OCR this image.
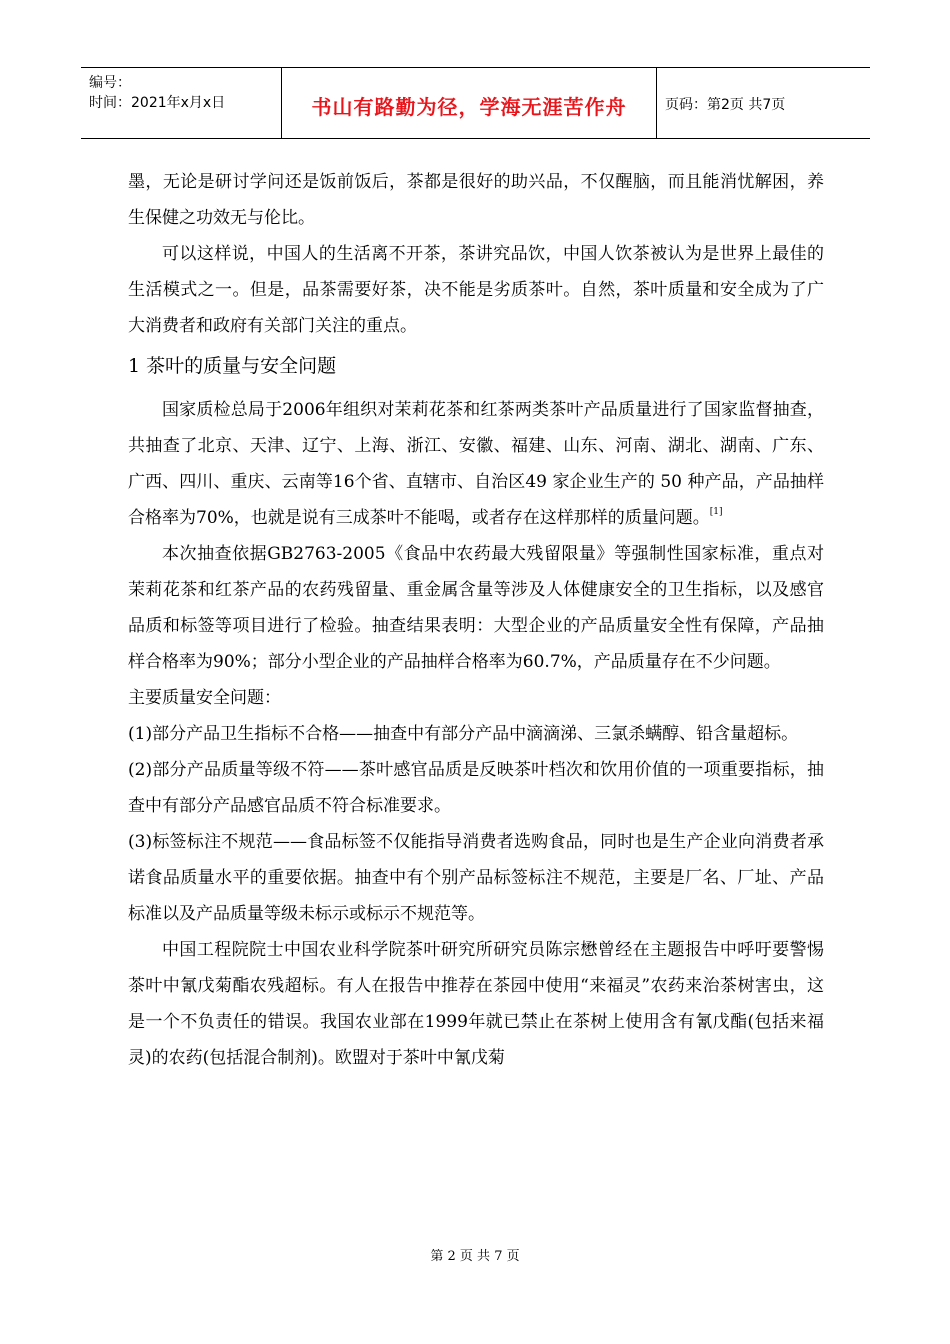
编号：
时间：2021年x月x日	书山有路勤为径，学海无涯苦作舟	页码：第2页 共7页

墨，无论是研讨学问还是饭前饭后，茶都是很好的助兴品，不仅醒脑，而且能消忧解困，养生保健之功效无与伦比。

可以这样说，中国人的生活离不开茶，茶讲究品饮，中国人饮茶被认为是世界上最佳的生活模式之一。但是，品茶需要好茶，决不能是劣质茶叶。自然，茶叶质量和安全成为了广大消费者和政府有关部门关注的重点。

1 茶叶的质量与安全问题

国家质检总局于2006年组织对茉莉花茶和红茶两类茶叶产品质量进行了国家监督抽查，共抽查了北京、天津、辽宁、上海、浙江、安徽、福建、山东、河南、湖北、湖南、广东、广西、四川、重庆、云南等16个省、直辖市、自治区49 家企业生产的 50 种产品，产品抽样合格率为70%，也就是说有三成茶叶不能喝，或者存在这样那样的质量问题。[1]

本次抽查依据GB2763-2005《食品中农药最大残留限量》等强制性国家标准，重点对茉莉花茶和红茶产品的农药残留量、重金属含量等涉及人体健康安全的卫生指标，以及感官品质和标签等项目进行了检验。抽查结果表明：大型企业的产品质量安全性有保障，产品抽样合格率为90%；部分小型企业的产品抽样合格率为60.7%，产品质量存在不少问题。

主要质量安全问题：

(1)部分产品卫生指标不合格——抽查中有部分产品中滴滴涕、三氯杀螨醇、铅含量超标。

(2)部分产品质量等级不符——茶叶感官品质是反映茶叶档次和饮用价值的一项重要指标，抽查中有部分产品感官品质不符合标准要求。

(3)标签标注不规范——食品标签不仅能指导消费者选购食品，同时也是生产企业向消费者承诺食品质量水平的重要依据。抽查中有个别产品标签标注不规范，主要是厂名、厂址、产品标准以及产品质量等级未标示或标示不规范等。

中国工程院院士中国农业科学院茶叶研究所研究员陈宗懋曾经在主题报告中呼吁要警惕茶叶中氰戊菊酯农残超标。有人在报告中推荐在茶园中使用“来福灵”农药来治茶树害虫，这是一个不负责任的错误。我国农业部在1999年就已禁止在茶树上使用含有氰戊酯(包括来福灵)的农药(包括混合制剂)。欧盟对于茶叶中氰戊菊

第 2 页 共 7 页
